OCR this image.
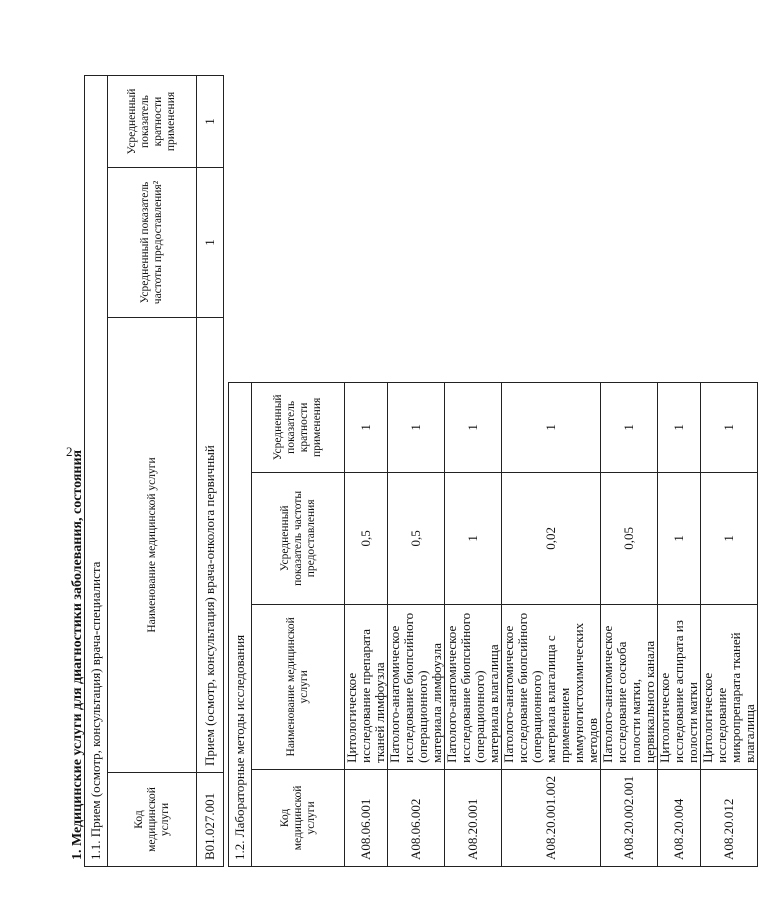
2
1. Медицинские услуги для диагностики заболевания, состояния 1.1. Прием (осмотр, консультация) врача-специалиста			
Код медицинской услуги	Наименование медицинской услуги	Усредненный показатель частоты предоставления²	Усредненный показатель кратности применения
B01.027.001	Прием (осмотр, консультация) врача-онколога первичный	1	1
1.2. Лабораторные методы исследования			
Код медицинской услуги	Наименование медицинской услуги	Усредненный показатель частоты предоставления	Усредненный показатель кратности применения
A08.06.001	Цитологическое исследование препарата тканей лимфоузла	0,5	1
A08.06.002	Патолого-анатомическое исследование биопсийного (операционного) материала лимфоузла	0,5	1
A08.20.001	Патолого-анатомическое исследование биопсийного (операционного) материала влагалища	1	1
A08.20.001.002	Патолого-анатомическое исследование биопсийного (операционного) материала влагалища с применением иммуногистохимических методов	0,02	1
A08.20.002.001	Патолого-анатомическое исследование соскоба полости матки, цервикального канала	0,05	1
A08.20.004	Цитологическое исследование аспирата из полости матки	1	1
A08.20.012	Цитологическое исследование микропрепарата тканей влагалища	1	1
